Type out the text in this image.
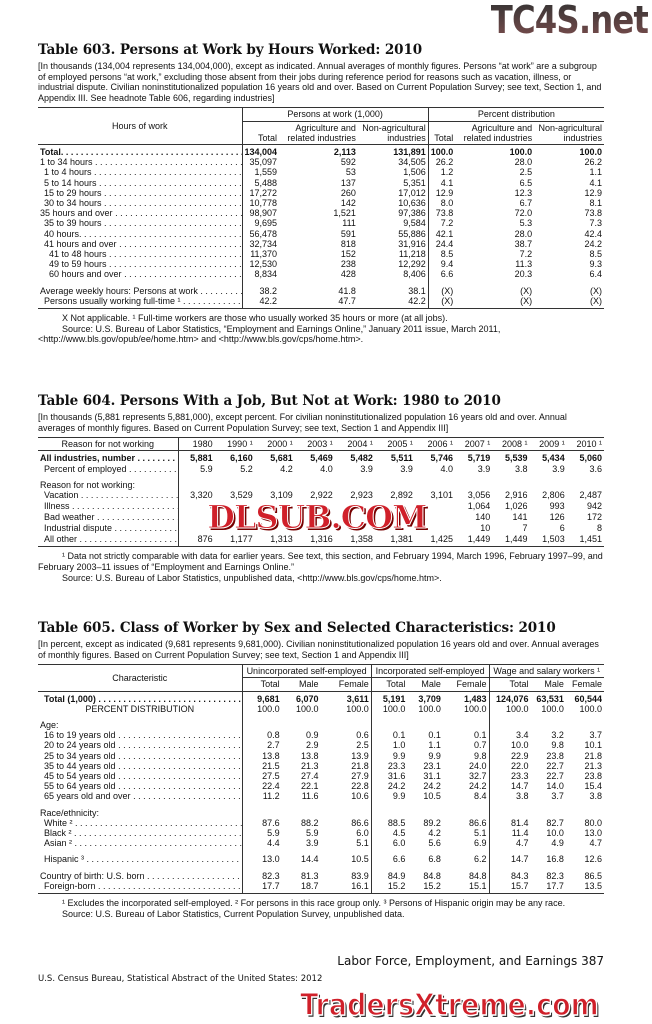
TC4S.net
Table 603. Persons at Work by Hours Worked: 2010

[In thousands (134,004 represents 134,004,000), except as indicated. Annual averages of monthly figures. Persons “at work” are a subgroup of employed persons “at work,” excluding those absent from their jobs during reference period for reasons such as vacation, illness, or industrial dispute. Civilian noninstitutionalized population 16 years old and over. Based on Current Population Survey; see text, Section 1, and Appendix III. See headnote Table 606, regarding industries]

Hours of work	Persons at work (1,000)			Percent distribution		
	Total	Agriculture and related industries	Non-agricultural industries	Total	Agriculture and related industries	Non-agricultural industries
Total. . . .	134,004	2,113	131,891	100.0	100.0	100.0
1 to 34 hours . . .	35,097	592	34,505	26.2	28.0	26.2
1 to 4 hours . . .	1,559	53	1,506	1.2	2.5	1.1
5 to 14 hours . . .	5,488	137	5,351	4.1	6.5	4.1
15 to 29 hours . . .	17,272	260	17,012	12.9	12.3	12.9
30 to 34 hours . . .	10,778	142	10,636	8.0	6.7	8.1
35 hours and over . . .	98,907	1,521	97,386	73.8	72.0	73.8
35 to 39 hours . . .	9,695	111	9,584	7.2	5.3	7.3
40 hours. . . .	56,478	591	55,886	42.1	28.0	42.4
41 hours and over . . .	32,734	818	31,916	24.4	38.7	24.2
41 to 48 hours . . .	11,370	152	11,218	8.5	7.2	8.5
49 to 59 hours . . .	12,530	238	12,292	9.4	11.3	9.3
60 hours and over . . .	8,834	428	8,406	6.6	20.3	6.4
Average weekly hours: Persons at work . . .	38.2	41.8	38.1	(X)	(X)	(X)
Persons usually working full-time ¹ . . .	42.2	47.7	42.2	(X)	(X)	(X)

X Not applicable. ¹ Full-time workers are those who usually worked 35 hours or more (at all jobs).

Source: U.S. Bureau of Labor Statistics, “Employment and Earnings Online,” January 2011 issue, March 2011, <http://www.bls.gov/opub/ee/home.htm> and <http://www.bls.gov/cps/home.htm>.

Table 604. Persons With a Job, But Not at Work: 1980 to 2010

[In thousands (5,881 represents 5,881,000), except percent. For civilian noninstitutionalized population 16 years old and over. Annual averages of monthly figures. Based on Current Population Survey; see text, Section 1 and Appendix III]

Reason for not working	1980	1990 ¹	2000 ¹	2003 ¹	2004 ¹	2005 ¹	2006 ¹	2007 ¹	2008 ¹	2009 ¹	2010 ¹
All industries, number . . .	5,881	6,160	5,681	5,469	5,482	5,511	5,746	5,719	5,539	5,434	5,060
Percent of employed . . .	5.9	5.2	4.2	4.0	3.9	3.9	4.0	3.9	3.8	3.9	3.6
Reason for not working:											
Vacation . . .	3,320	3,529	3,109	2,922	2,923	2,892	3,101	3,056	2,916	2,806	2,487
Illness . . .	DLSUB.COM							1,064	1,026	993	942
Bad weather . . .								140	141	126	172
Industrial dispute . . .								10	7	6	8
All other . . .	876	1,177	1,313	1,316	1,358	1,381	1,425	1,449	1,449	1,503	1,451

¹ Data not strictly comparable with data for earlier years. See text, this section, and February 1994, March 1996, February 1997–99, and February 2003–11 issues of “Employment and Earnings Online.”

Source: U.S. Bureau of Labor Statistics, unpublished data, <http://www.bls.gov/cps/home.htm>.

Table 605. Class of Worker by Sex and Selected Characteristics: 2010

[In percent, except as indicated (9,681 represents 9,681,000). Civilian noninstitutionalized population 16 years old and over. Annual averages of monthly figures. Based on Current Population Survey; see text, Section 1 and Appendix III]

Characteristic	Unincorporated self-employed			Incorporated self-employed			Wage and salary workers ¹		
	Total	Male	Female	Total	Male	Female	Total	Male	Female
Total (1,000) . . .	9,681	6,070	3,611	5,191	3,709	1,483	124,076	63,531	60,544
PERCENT DISTRIBUTION	100.0	100.0	100.0	100.0	100.0	100.0	100.0	100.0	100.0
Age:									
16 to 19 years old . . .	0.8	0.9	0.6	0.1	0.1	0.1	3.4	3.2	3.7
20 to 24 years old . . .	2.7	2.9	2.5	1.0	1.1	0.7	10.0	9.8	10.1
25 to 34 years old . . .	13.8	13.8	13.9	9.9	9.9	9.8	22.9	23.8	21.8
35 to 44 years old . . .	21.5	21.3	21.8	23.3	23.1	24.0	22.0	22.7	21.3
45 to 54 years old . . .	27.5	27.4	27.9	31.6	31.1	32.7	23.3	22.7	23.8
55 to 64 years old . . .	22.4	22.1	22.8	24.2	24.2	24.2	14.7	14.0	15.4
65 years old and over . . .	11.2	11.6	10.6	9.9	10.5	8.4	3.8	3.7	3.8
Race/ethnicity:									
White ² . . .	87.6	88.2	86.6	88.5	89.2	86.6	81.4	82.7	80.0
Black ² . . .	5.9	5.9	6.0	4.5	4.2	5.1	11.4	10.0	13.0
Asian ² . . .	4.4	3.9	5.1	6.0	5.6	6.9	4.7	4.9	4.7
Hispanic ³ . . .	13.0	14.4	10.5	6.6	6.8	6.2	14.7	16.8	12.6
Country of birth: U.S. born . . .	82.3	81.3	83.9	84.9	84.8	84.8	84.3	82.3	86.5
Foreign-born . . .	17.7	18.7	16.1	15.2	15.2	15.1	15.7	17.7	13.5

¹ Excludes the incorporated self-employed. ² For persons in this race group only. ³ Persons of Hispanic origin may be any race.

Source: U.S. Bureau of Labor Statistics, Current Population Survey, unpublished data.

Labor Force, Employment, and Earnings 387
U.S. Census Bureau, Statistical Abstract of the United States: 2012
TradersXtreme.com
